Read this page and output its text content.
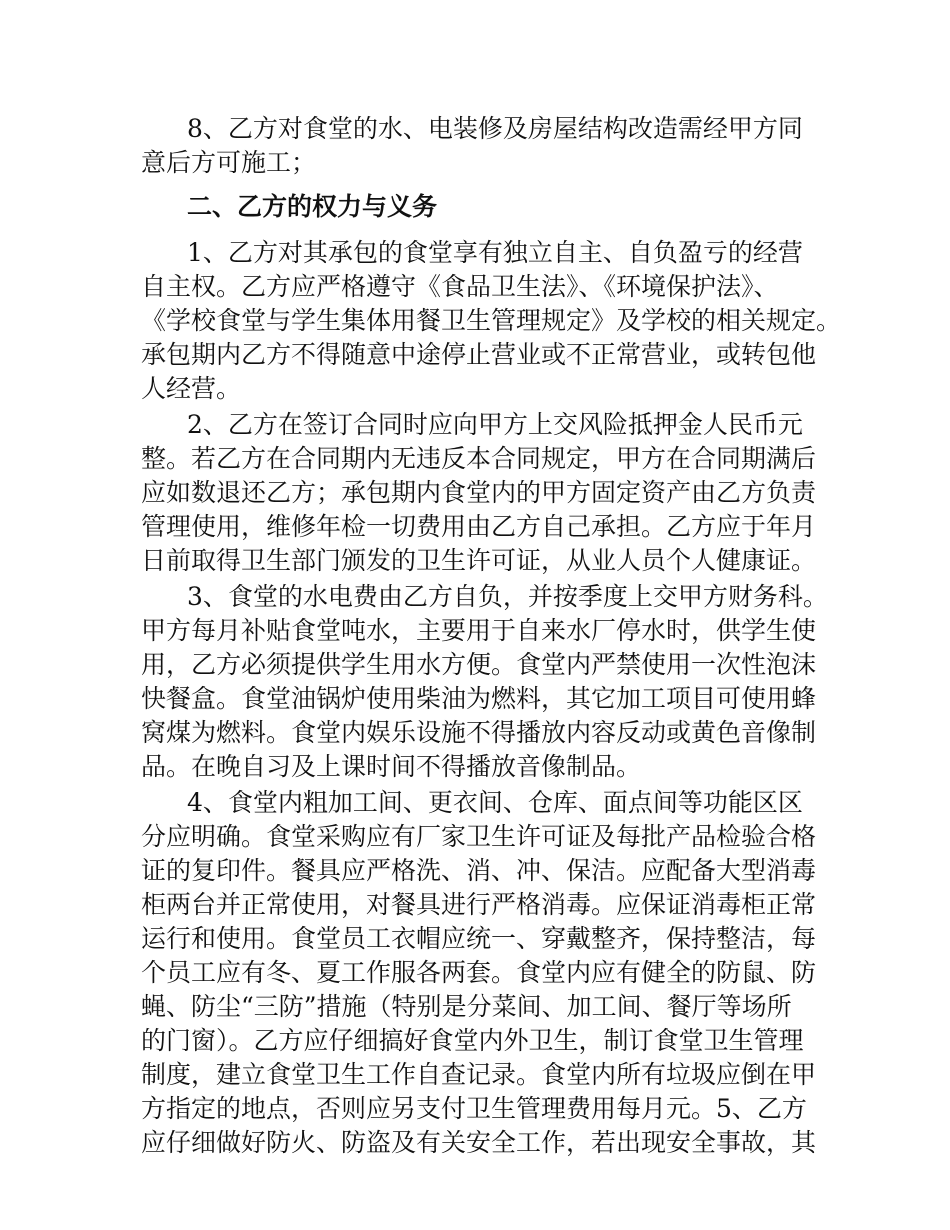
8、乙方对食堂的水、电装修及房屋结构改造需经甲方同

意后方可施工；

二、乙方的权力与义务

1、乙方对其承包的食堂享有独立自主、自负盈亏的经营

自主权。乙方应严格遵守《食品卫生法》、《环境保护法》、

《学校食堂与学生集体用餐卫生管理规定》及学校的相关规定。

承包期内乙方不得随意中途停止营业或不正常营业，或转包他

人经营。

2、乙方在签订合同时应向甲方上交风险抵押金人民币元

整。若乙方在合同期内无违反本合同规定，甲方在合同期满后

应如数退还乙方；承包期内食堂内的甲方固定资产由乙方负责

管理使用，维修年检一切费用由乙方自己承担。乙方应于年月

日前取得卫生部门颁发的卫生许可证，从业人员个人健康证。

3、食堂的水电费由乙方自负，并按季度上交甲方财务科。

甲方每月补贴食堂吨水，主要用于自来水厂停水时，供学生使

用，乙方必须提供学生用水方便。食堂内严禁使用一次性泡沫

快餐盒。食堂油锅炉使用柴油为燃料，其它加工项目可使用蜂

窝煤为燃料。食堂内娱乐设施不得播放内容反动或黄色音像制

品。在晚自习及上课时间不得播放音像制品。

4、食堂内粗加工间、更衣间、仓库、面点间等功能区区

分应明确。食堂采购应有厂家卫生许可证及每批产品检验合格

证的复印件。餐具应严格洗、消、冲、保洁。应配备大型消毒

柜两台并正常使用，对餐具进行严格消毒。应保证消毒柜正常

运行和使用。食堂员工衣帽应统一、穿戴整齐，保持整洁，每

个员工应有冬、夏工作服各两套。食堂内应有健全的防鼠、防

蝇、防尘“三防”措施（特别是分菜间、加工间、餐厅等场所

的门窗）。乙方应仔细搞好食堂内外卫生，制订食堂卫生管理

制度，建立食堂卫生工作自查记录。食堂内所有垃圾应倒在甲

方指定的地点，否则应另支付卫生管理费用每月元。5、乙方

应仔细做好防火、防盗及有关安全工作，若出现安全事故，其
